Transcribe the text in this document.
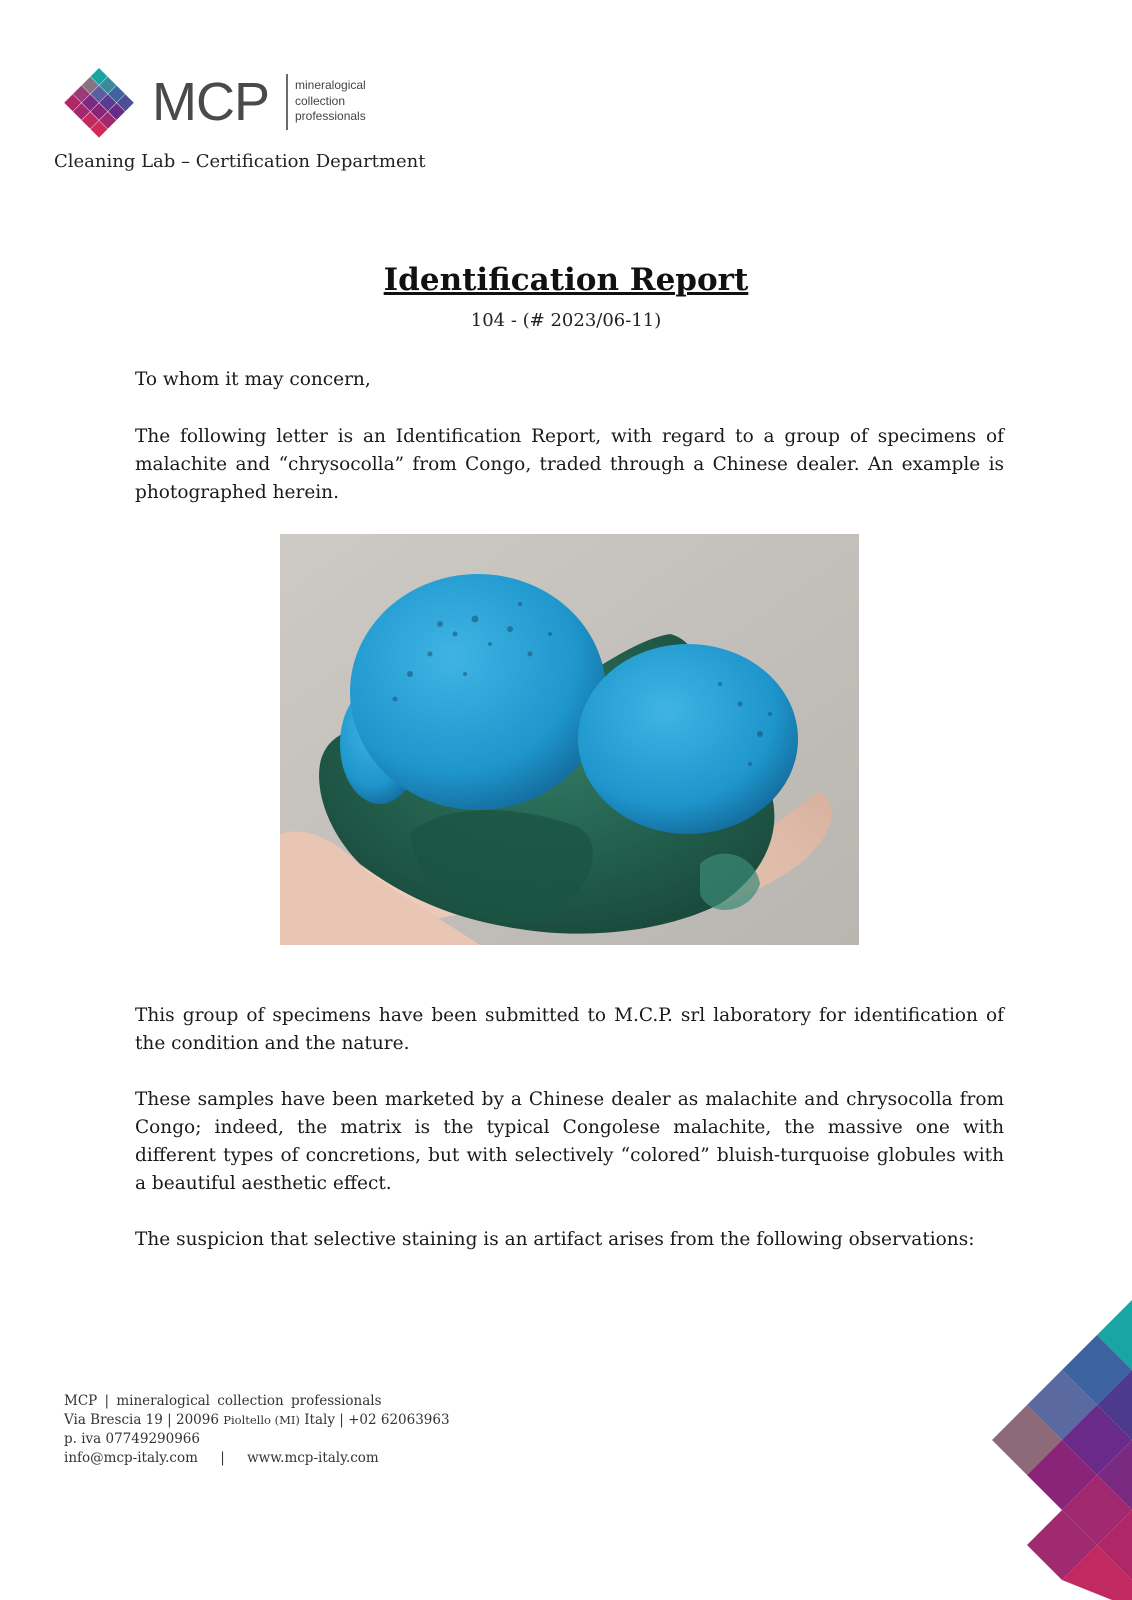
MCP mineralogical
collection
professionals
Cleaning Lab – Certification Department
Identification Report
104 - (# 2023/06-11)
To whom it may concern,
The following letter is an Identification Report, with regard to a group of specimens of malachite and “chrysocolla” from Congo, traded through a Chinese dealer. An example is photographed herein.
This group of specimens have been submitted to M.C.P. srl laboratory for identification of the condition and the nature.
These samples have been marketed by a Chinese dealer as malachite and chrysocolla from Congo; indeed, the matrix is the typical Congolese malachite, the massive one with different types of concretions, but with selectively “colored” bluish-turquoise globules with a beautiful aesthetic effect.
The suspicion that selective staining is an artifact arises from the following observations:
MCP | mineralogical collection professionals
Via Brescia 19 | 20096 Pioltello (MI) Italy | +02 62063963
p. iva 07749290966
info@mcp-italy.com | www.mcp-italy.com
